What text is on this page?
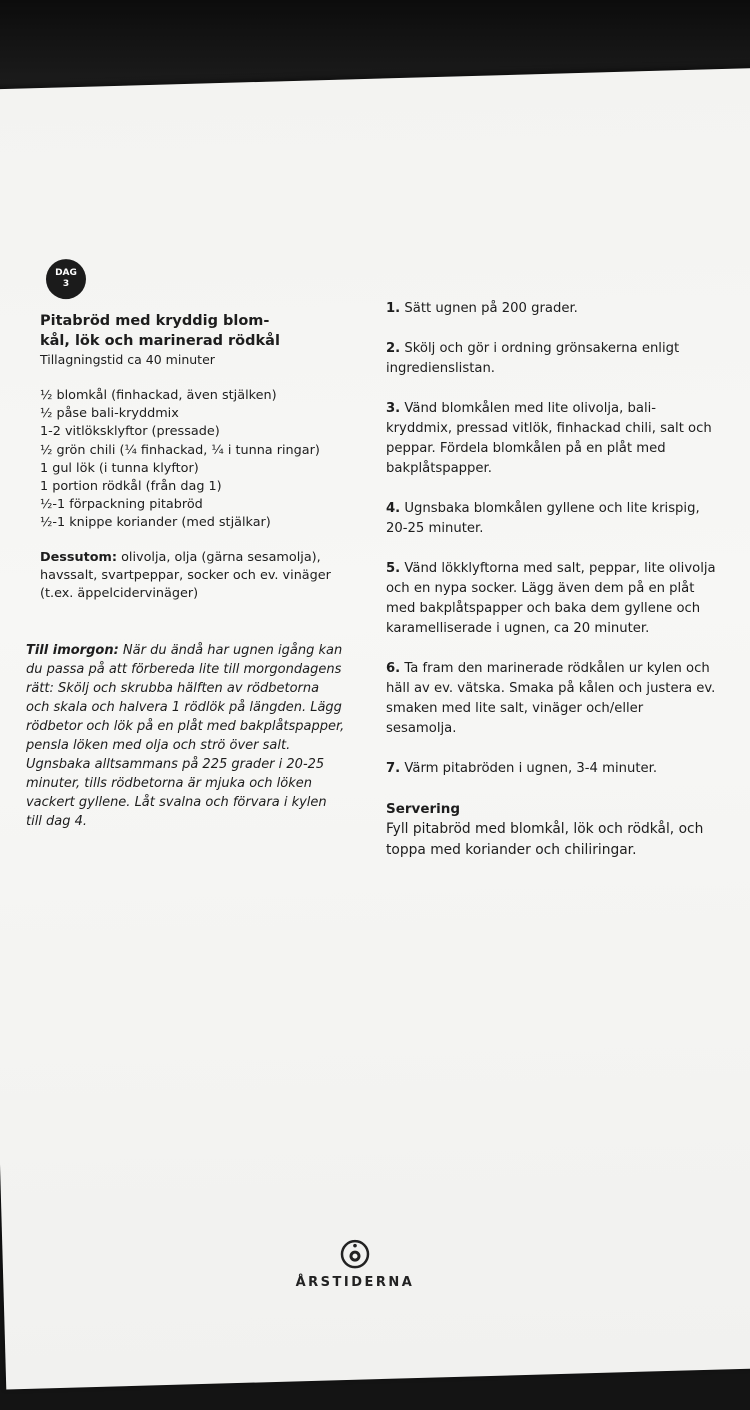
DAG
3

Pitabröd med kryddig blom-
kål, lök och marinerad rödkål

Tillagningstid ca 40 minuter

½ blomkål (finhackad, även stjälken)

½ påse bali-kryddmix

1-2 vitlöksklyftor (pressade)

½ grön chili (¼ finhackad, ¼ i tunna ringar)

1 gul lök (i tunna klyftor)

1 portion rödkål (från dag 1)

½-1 förpackning pitabröd

½-1 knippe koriander (med stjälkar)

Dessutom: olivolja, olja (gärna sesamolja), havssalt, svartpeppar, socker och ev. vinäger (t.ex. äppelcidervinäger)

Till imorgon: När du ändå har ugnen igång kan du passa på att förbereda lite till morgondagens rätt: Skölj och skrubba hälften av rödbetorna och skala och halvera 1 rödlök på längden. Lägg rödbetor och lök på en plåt med bakplåtspapper, pensla löken med olja och strö över salt. Ugnsbaka alltsammans på 225 grader i 20-25 minuter, tills rödbetorna är mjuka och löken vackert gyllene. Låt svalna och förvara i kylen till dag 4.

1. Sätt ugnen på 200 grader.

2. Skölj och gör i ordning grönsakerna enligt ingredienslistan.

3. Vänd blomkålen med lite olivolja, bali-kryddmix, pressad vitlök, finhackad chili, salt och peppar. Fördela blomkålen på en plåt med bakplåtspapper.

4. Ugnsbaka blomkålen gyllene och lite krispig, 20-25 minuter.

5. Vänd lökklyftorna med salt, peppar, lite olivolja och en nypa socker. Lägg även dem på en plåt med bakplåtspapper och baka dem gyllene och karamelliserade i ugnen, ca 20 minuter.

6. Ta fram den marinerade rödkålen ur kylen och häll av ev. vätska. Smaka på kålen och justera ev. smaken med lite salt, vinäger och/eller sesamolja.

7. Värm pitabröden i ugnen, 3-4 minuter.

Servering

Fyll pitabröd med blomkål, lök och rödkål, och toppa med koriander och chiliringar.

ÅRSTIDERNA
